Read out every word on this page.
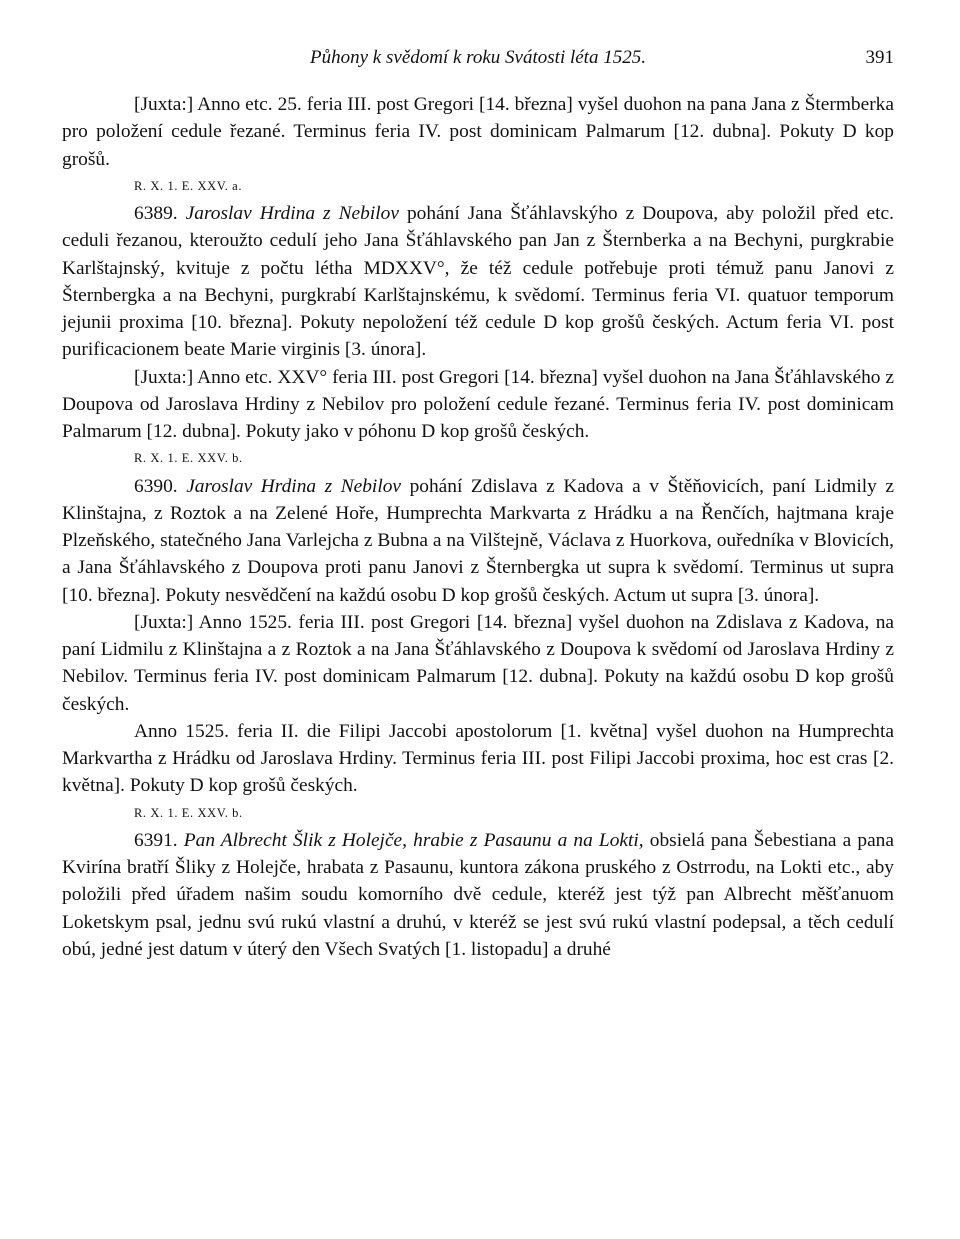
Půhony k svědomí k roku Svátosti léta 1525.	391

[Juxta:] Anno etc. 25. feria III. post Gregori [14. března] vyšel duohon na pana Jana z Štermberka pro položení cedule řezané. Terminus feria IV. post dominicam Palmarum [12. dubna]. Pokuty D kop grošů.

R. X. 1. E. XXV. a.

6389. Jaroslav Hrdina z Nebilov pohání Jana Šťáhlavskýho z Doupova, aby položil před etc. ceduli řezanou, kteroužto cedulí jeho Jana Šťáhlavského pan Jan z Šternberka a na Bechyni, purgkrabie Karlštajnský, kvituje z počtu létha MDXXV°, že též cedule potřebuje proti témuž panu Janovi z Šternbergka a na Bechyni, purgkrabí Karlštajnskému, k svědomí. Terminus feria VI. quatuor temporum jejunii proxima [10. března]. Pokuty nepoložení též cedule D kop grošů českých. Actum feria VI. post purificacionem beate Marie virginis [3. února].

[Juxta:] Anno etc. XXV° feria III. post Gregori [14. března] vyšel duohon na Jana Šťáhlavského z Doupova od Jaroslava Hrdiny z Nebilov pro položení cedule řezané. Terminus feria IV. post dominicam Palmarum [12. dubna]. Pokuty jako v póhonu D kop grošů českých.

R. X. 1. E. XXV. b.

6390. Jaroslav Hrdina z Nebilov pohání Zdislava z Kadova a v Štěňovicích, paní Lidmily z Klinštajna, z Roztok a na Zelené Hoře, Humprechta Markvarta z Hrádku a na Řenčích, hajtmana kraje Plzeňského, statečného Jana Varlejcha z Bubna a na Vilštejně, Václava z Huorkova, ouředníka v Blovicích, a Jana Šťáhlavského z Doupova proti panu Janovi z Šternbergka ut supra k svědomí. Terminus ut supra [10. března]. Pokuty nesvědčení na každú osobu D kop grošů českých. Actum ut supra [3. února].

[Juxta:] Anno 1525. feria III. post Gregori [14. března] vyšel duohon na Zdislava z Kadova, na paní Lidmilu z Klinštajna a z Roztok a na Jana Šťáhlavského z Doupova k svědomí od Jaroslava Hrdiny z Nebilov. Terminus feria IV. post dominicam Palmarum [12. dubna]. Pokuty na každú osobu D kop grošů českých.

Anno 1525. feria II. die Filipi Jaccobi apostolorum [1. května] vyšel duohon na Humprechta Markvartha z Hrádku od Jaroslava Hrdiny. Terminus feria III. post Filipi Jaccobi proxima, hoc est cras [2. května]. Pokuty D kop grošů českých.

R. X. 1. E. XXV. b.

6391. Pan Albrecht Šlik z Holejče, hrabie z Pasaunu a na Lokti, obsielá pana Šebestiana a pana Kvirína bratří Šliky z Holejče, hrabata z Pasaunu, kuntora zákona pruského z Ostrrodu, na Lokti etc., aby položili před úřadem našim soudu komorního dvě cedule, kteréž jest týž pan Albrecht měšťanuom Loketskym psal, jednu svú rukú vlastní a druhú, v kteréž se jest svú rukú vlastní podepsal, a těch cedulí obú, jedné jest datum v úterý den Všech Svatých [1. listopadu] a druhé
